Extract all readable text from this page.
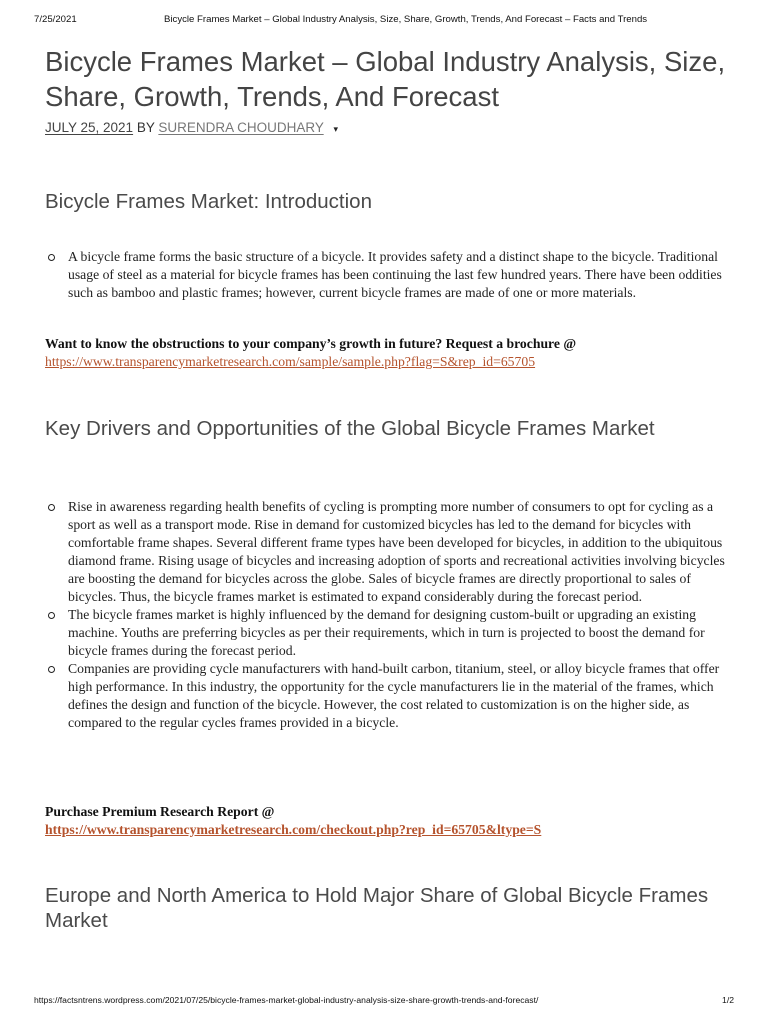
7/25/2021	Bicycle Frames Market – Global Industry Analysis, Size, Share, Growth, Trends, And Forecast – Facts and Trends
Bicycle Frames Market – Global Industry Analysis, Size, Share, Growth, Trends, And Forecast
JULY 25, 2021 BY SURENDRA CHOUDHARY ▾
Bicycle Frames Market: Introduction
A bicycle frame forms the basic structure of a bicycle. It provides safety and a distinct shape to the bicycle. Traditional usage of steel as a material for bicycle frames has been continuing the last few hundred years. There have been oddities such as bamboo and plastic frames; however, current bicycle frames are made of one or more materials.

Want to know the obstructions to your company’s growth in future? Request a brochure @
https://www.transparencymarketresearch.com/sample/sample.php?flag=S&rep_id=65705

Key Drivers and Opportunities of the Global Bicycle Frames Market
Rise in awareness regarding health benefits of cycling is prompting more number of consumers to opt for cycling as a sport as well as a transport mode. Rise in demand for customized bicycles has led to the demand for bicycles with comfortable frame shapes. Several different frame types have been developed for bicycles, in addition to the ubiquitous diamond frame. Rising usage of bicycles and increasing adoption of sports and recreational activities involving bicycles are boosting the demand for bicycles across the globe. Sales of bicycle frames are directly proportional to sales of bicycles. Thus, the bicycle frames market is estimated to expand considerably during the forecast period.
The bicycle frames market is highly influenced by the demand for designing custom-built or upgrading an existing machine. Youths are preferring bicycles as per their requirements, which in turn is projected to boost the demand for bicycle frames during the forecast period.
Companies are providing cycle manufacturers with hand-built carbon, titanium, steel, or alloy bicycle frames that offer high performance. In this industry, the opportunity for the cycle manufacturers lie in the material of the frames, which defines the design and function of the bicycle. However, the cost related to customization is on the higher side, as compared to the regular cycles frames provided in a bicycle.

Purchase Premium Research Report @
https://www.transparencymarketresearch.com/checkout.php?rep_id=65705&ltype=S

Europe and North America to Hold Major Share of Global Bicycle Frames Market
https://factsntrens.wordpress.com/2021/07/25/bicycle-frames-market-global-industry-analysis-size-share-growth-trends-and-forecast/	1/2
